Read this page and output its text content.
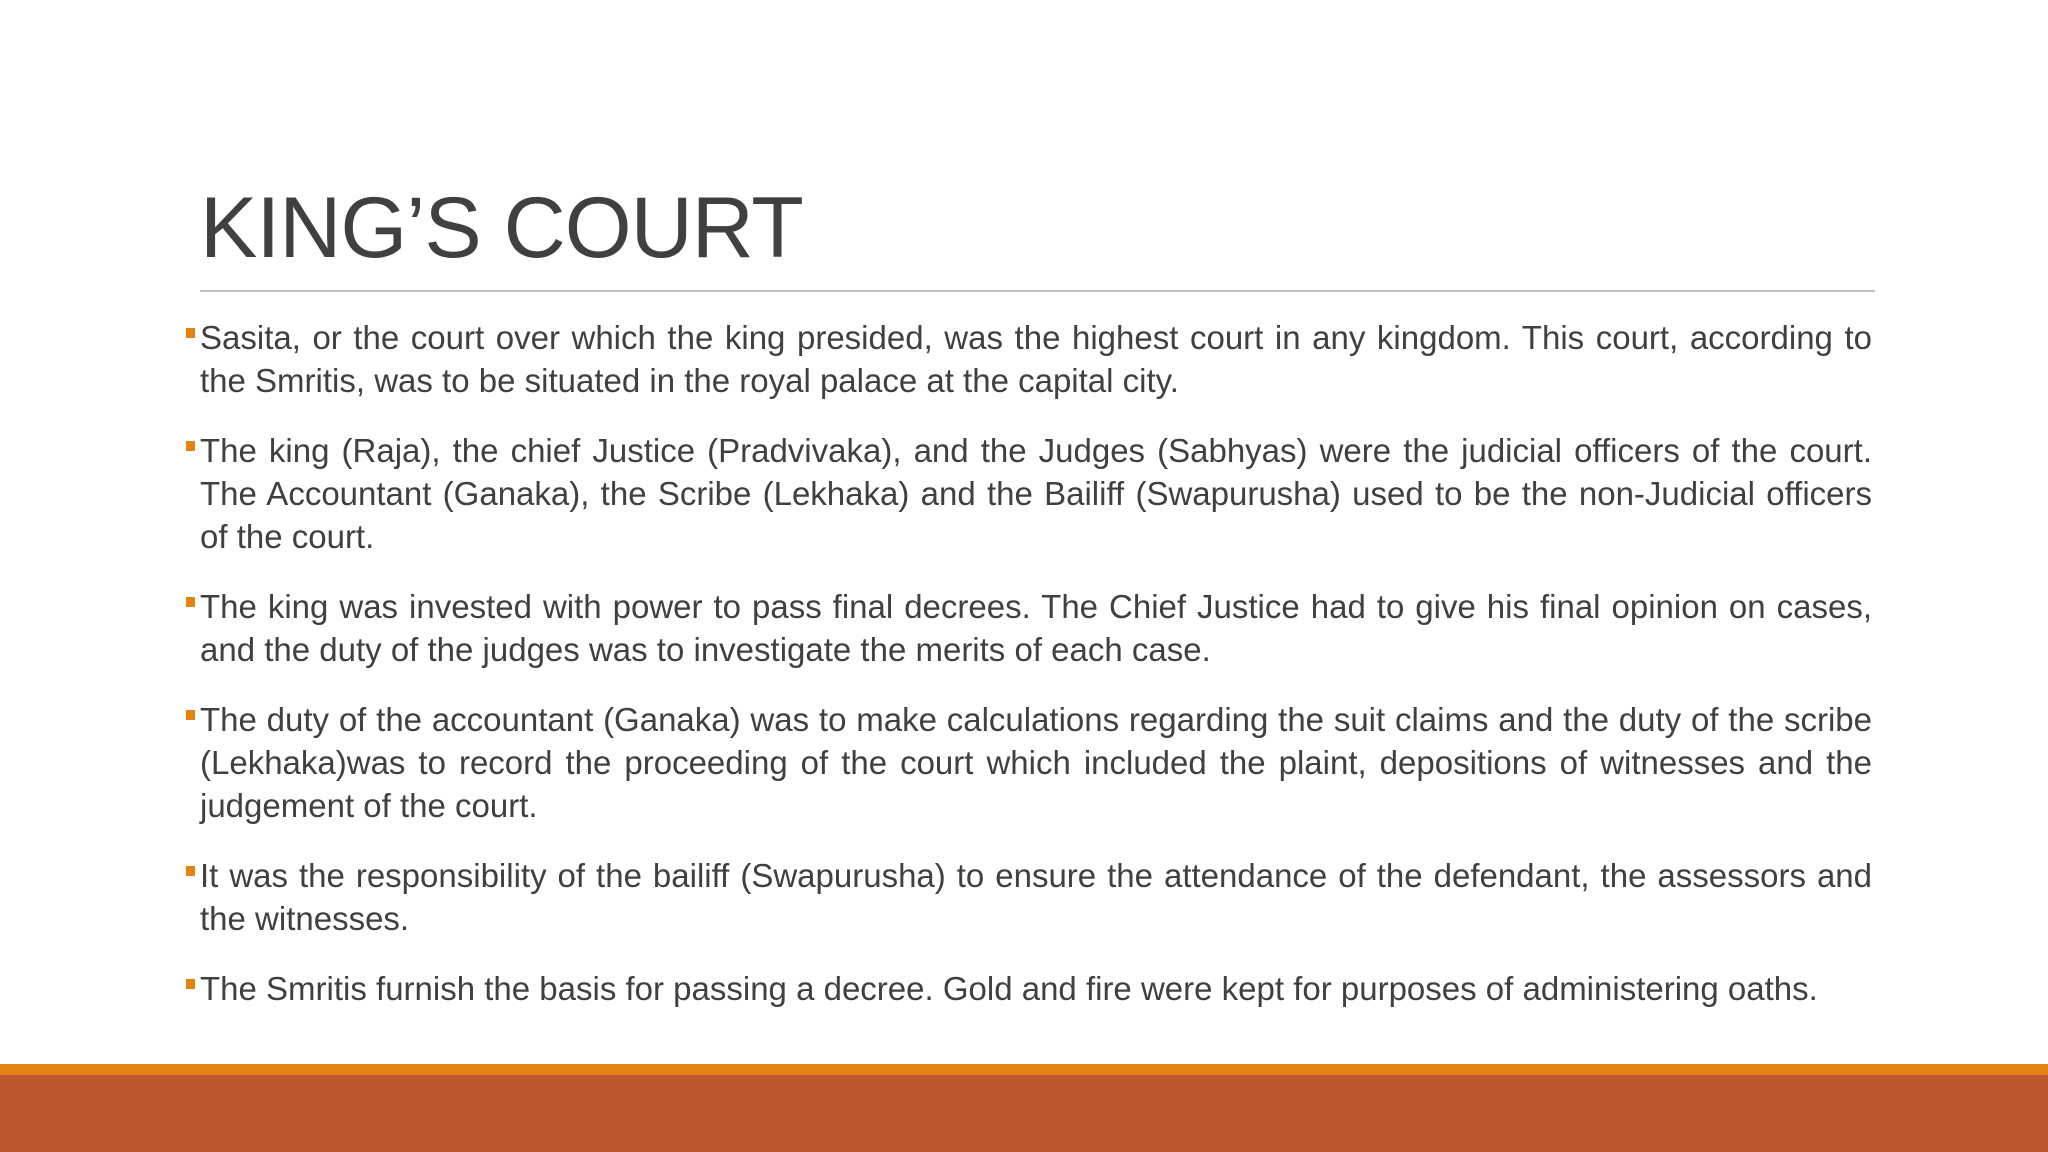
KING’S COURT
Sasita, or the court over which the king presided, was the highest court in any kingdom. This court, according to the Smritis, was to be situated in the royal palace at the capital city.
The king (Raja), the chief Justice (Pradvivaka), and the Judges (Sabhyas) were the judicial officers of the court. The Accountant (Ganaka), the Scribe (Lekhaka) and the Bailiff (Swapurusha) used to be the non-Judicial officers of the court.
The king was invested with power to pass final decrees. The Chief Justice had to give his final opinion on cases, and the duty of the judges was to investigate the merits of each case.
The duty of the accountant (Ganaka) was to make calculations regarding the suit claims and the duty of the scribe (Lekhaka)was to record the proceeding of the court which included the plaint, depositions of witnesses and the judgement of the court.
It was the responsibility of the bailiff (Swapurusha) to ensure the attendance of the defendant, the assessors and the witnesses.
The Smritis furnish the basis for passing a decree. Gold and fire were kept for purposes of administering oaths.
